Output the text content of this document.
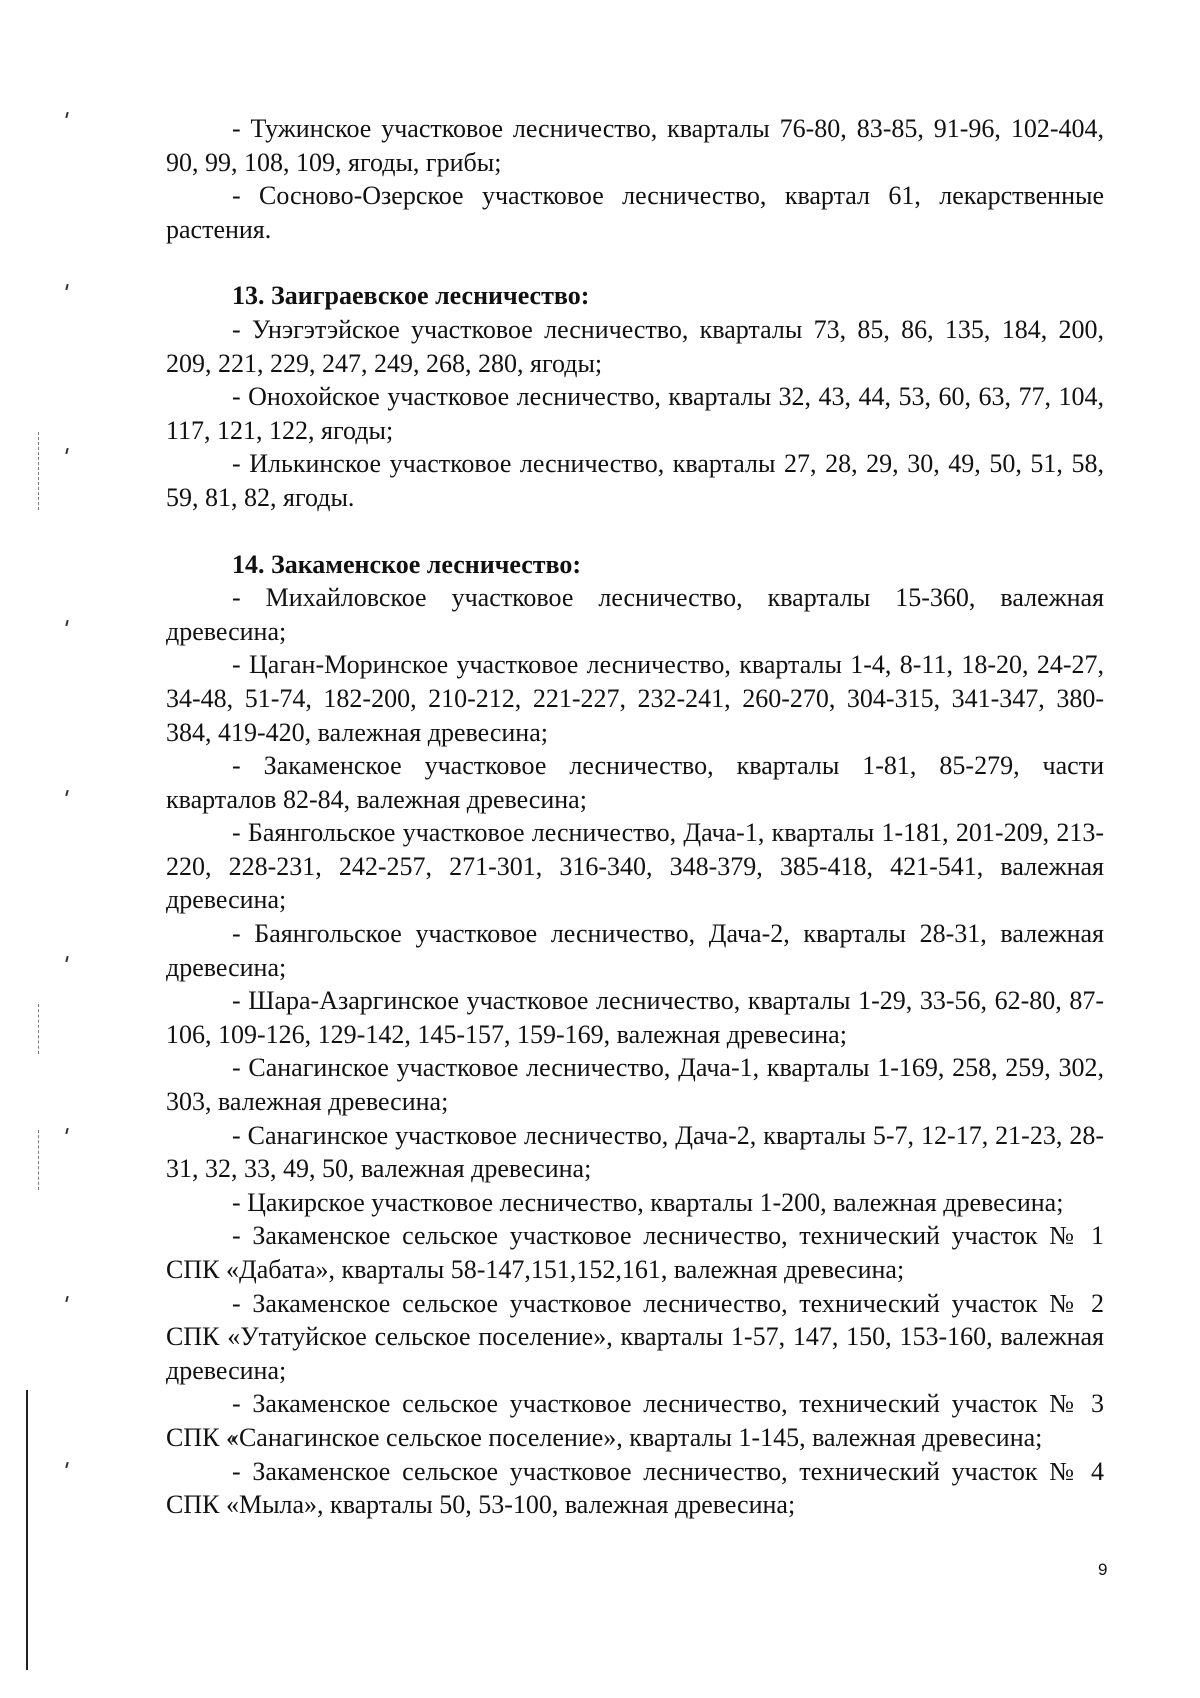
- Тужинское участковое лесничество, кварталы 76-80, 83-85, 91-96, 102-404, 90, 99, 108, 109, ягоды, грибы;

- Сосново-Озерское участковое лесничество, квартал 61, лекарственные растения.

13. Заиграевское лесничество:

- Унэгэтэйское участковое лесничество, кварталы 73, 85, 86, 135, 184, 200, 209, 221, 229, 247, 249, 268, 280, ягоды;

- Онохойское участковое лесничество, кварталы 32, 43, 44, 53, 60, 63, 77, 104, 117, 121, 122, ягоды;

- Илькинское участковое лесничество, кварталы 27, 28, 29, 30, 49, 50, 51, 58, 59, 81, 82, ягоды.

14. Закаменское лесничество:

- Михайловское участковое лесничество, кварталы 15-360, валежная древесина;

- Цаган-Моринское участковое лесничество, кварталы 1-4, 8-11, 18-20, 24-27, 34-48, 51-74, 182-200, 210-212, 221-227, 232-241, 260-270, 304-315, 341-347, 380-384, 419-420, валежная древесина;

- Закаменское участковое лесничество, кварталы 1-81, 85-279, части кварталов 82-84, валежная древесина;

- Баянгольское участковое лесничество, Дача-1, кварталы 1-181, 201-209, 213-220, 228-231, 242-257, 271-301, 316-340, 348-379, 385-418, 421-541, валежная древесина;

- Баянгольское участковое лесничество, Дача-2, кварталы 28-31, валежная древесина;

- Шара-Азаргинское участковое лесничество, кварталы 1-29, 33-56, 62-80, 87-106, 109-126, 129-142, 145-157, 159-169, валежная древесина;

- Санагинское участковое лесничество, Дача-1, кварталы 1-169, 258, 259, 302, 303, валежная древесина;

- Санагинское участковое лесничество, Дача-2, кварталы 5-7, 12-17, 21-23, 28-31, 32, 33, 49, 50, валежная древесина;

- Цакирское участковое лесничество, кварталы 1-200, валежная древесина;

- Закаменское сельское участковое лесничество, технический участок № 1 СПК «Дабата», кварталы 58-147,151,152,161, валежная древесина;

- Закаменское сельское участковое лесничество, технический участок № 2 СПК «Утатуйское сельское поселение», кварталы 1-57, 147, 150, 153-160, валежная древесина;

- Закаменское сельское участковое лесничество, технический участок № 3 СПК «Санагинское сельское поселение», кварталы 1-145, валежная древесина;

- Закаменское сельское участковое лесничество, технический участок № 4 СПК «Мыла», кварталы 50, 53-100, валежная древесина;

9
